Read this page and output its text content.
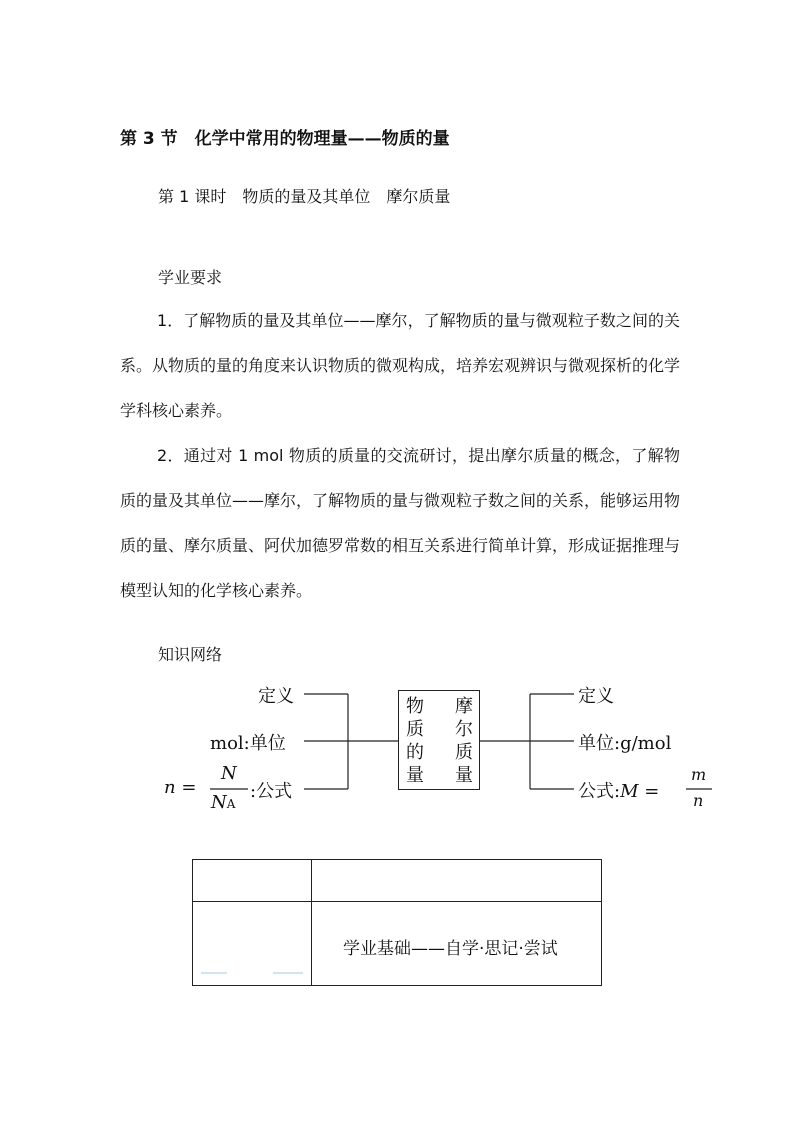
第 3 节　化学中常用的物理量——物质的量
第 1 课时　物质的量及其单位　摩尔质量
学业要求
1．了解物质的量及其单位——摩尔，了解物质的量与微观粒子数之间的关系。从物质的量的角度来认识物质的微观构成，培养宏观辨识与微观探析的化学学科核心素养。
2．通过对 1 mol 物质的质量的交流研讨，提出摩尔质量的概念，了解物质的量及其单位——摩尔，了解物质的量与微观粒子数之间的关系，能够运用物质的量、摩尔质量、阿伏加德罗常数的相互关系进行简单计算，形成证据推理与模型认知的化学核心素养。
知识网络
定义
mol:单位
n =
N
NA
:公式
物
质
的
量
摩
尔
质
量
定义
单位:g/mol
公式:M =
m
n
学业基础——自学·思记·尝试
